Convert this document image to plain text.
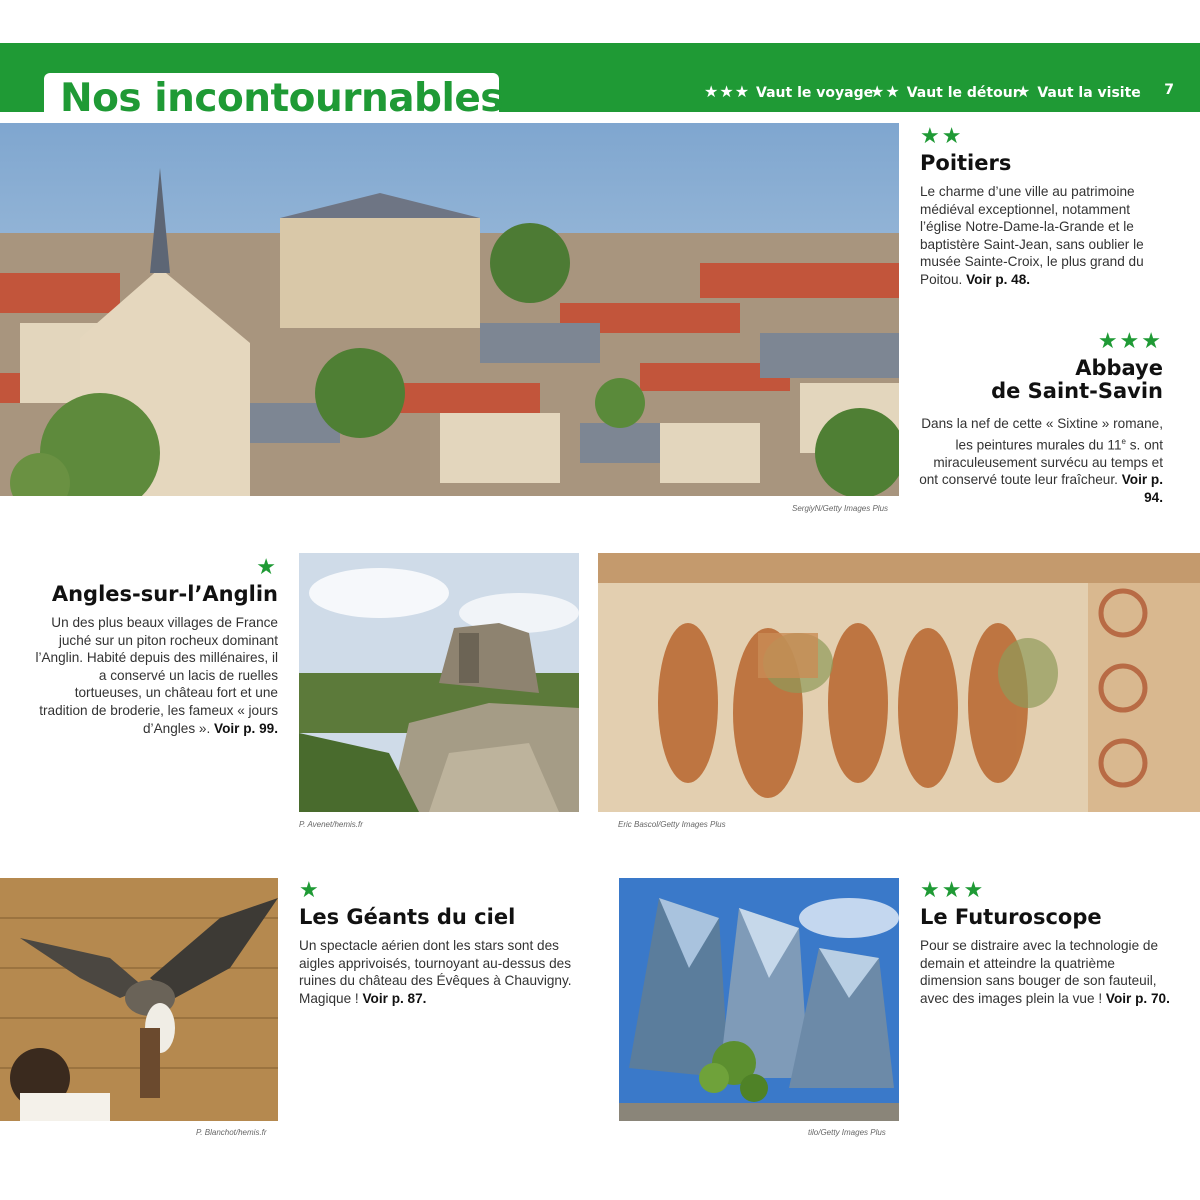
Nos incontournables	★★★ Vaut le voyage
★★ Vaut le détour
★ Vaut la visite 7
SergiyN/Getty Images Plus
★★
Poitiers

Le charme d’une ville au patrimoine médiéval exceptionnel, notamment l’église Notre-Dame-la-Grande et le baptistère Saint-Jean, sans oublier le musée Sainte-Croix, le plus grand du Poitou. Voir p. 48.

★★★
Abbaye
de Saint-Savin

Dans la nef de cette « Sixtine » romane, les peintures murales du 11e s. ont miraculeusement survécu au temps et ont conservé toute leur fraîcheur. Voir p. 94.

★
Angles-sur-l’Anglin

Un des plus beaux villages de France juché sur un piton rocheux dominant l’Anglin. Habité depuis des millénaires, il a conservé un lacis de ruelles tortueuses, un château fort et une tradition de broderie, les fameux « jours d’Angles ». Voir p. 99.

P. Avenet/hemis.fr	Eric Bascol/Getty Images Plus
P. Blanchot/hemis.fr
★
Les Géants du ciel

Un spectacle aérien dont les stars sont des aigles apprivoisés, tournoyant au-dessus des ruines du château des Évêques à Chauvigny. Magique ! Voir p. 87.

tilo/Getty Images Plus
★★★
Le Futuroscope

Pour se distraire avec la technologie de demain et atteindre la quatrième dimension sans bouger de son fauteuil, avec des images plein la vue ! Voir p. 70.
